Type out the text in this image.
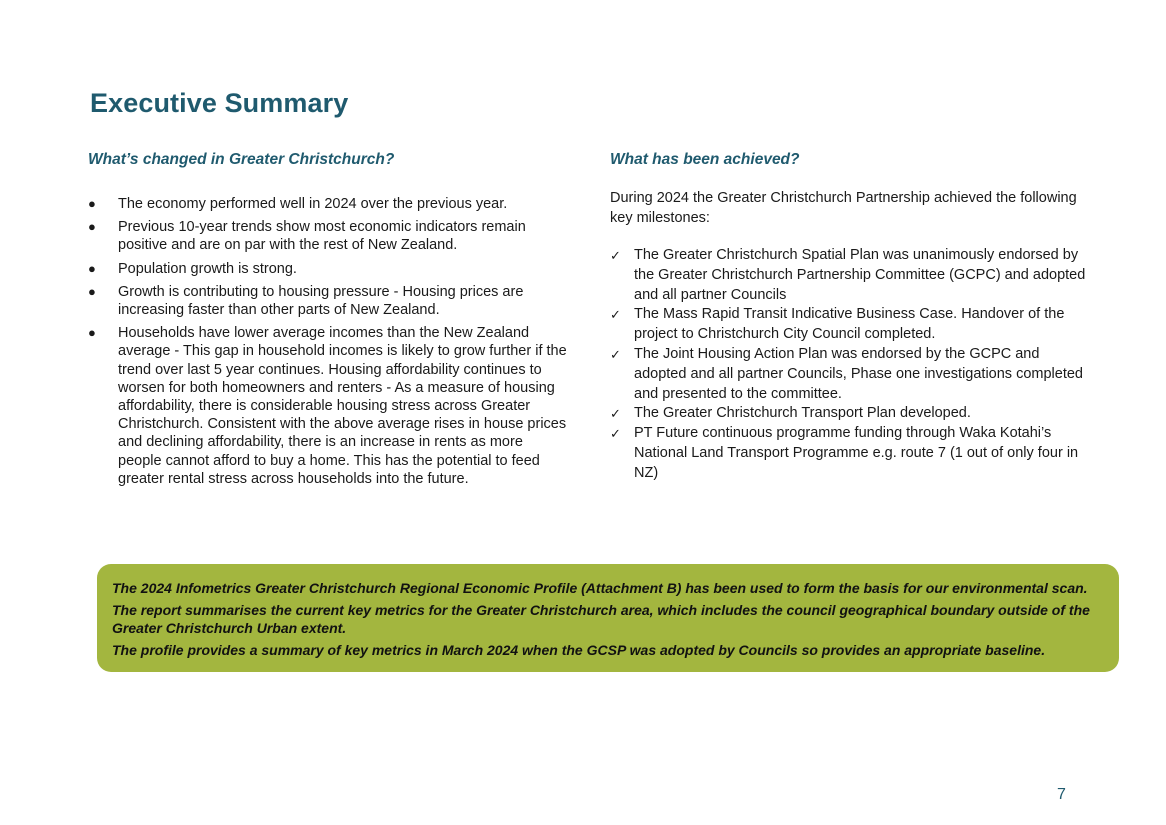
Executive Summary
What’s changed in Greater Christchurch?
●	The economy performed well in 2024 over the previous year.
●	Previous 10-year trends show most economic indicators remain positive and are on par with the rest of New Zealand.
●	Population growth is strong.
●	Growth is contributing to housing pressure - Housing prices are increasing faster than other parts of New Zealand.
●	Households have lower average incomes than the New Zealand average - This gap in household incomes is likely to grow further if the trend over last 5 year continues. Housing affordability continues to worsen for both homeowners and renters - As a measure of housing affordability, there is considerable housing stress across Greater Christchurch. Consistent with the above average rises in house prices and declining affordability, there is an increase in rents as more people cannot afford to buy a home. This has the potential to feed greater rental stress across households into the future.
What has been achieved?

During 2024 the Greater Christchurch Partnership achieved the following key milestones:

✓ The Greater Christchurch Spatial Plan was unanimously endorsed by the Greater Christchurch Partnership Committee (GCPC) and adopted and all partner Councils
✓ The Mass Rapid Transit Indicative Business Case. Handover of the project to Christchurch City Council completed.
✓ The Joint Housing Action Plan was endorsed by the GCPC and adopted and all partner Councils, Phase one investigations completed and presented to the committee.
✓ The Greater Christchurch Transport Plan developed.
✓ PT Future continuous programme funding through Waka Kotahi’s National Land Transport Programme e.g. route 7 (1 out of only four in NZ)

The 2024 Infometrics Greater Christchurch Regional Economic Profile (Attachment B) has been used to form the basis for our environmental scan.

The report summarises the current key metrics for the Greater Christchurch area, which includes the council geographical boundary outside of the Greater Christchurch Urban extent.

The profile provides a summary of key metrics in March 2024 when the GCSP was adopted by Councils so provides an appropriate baseline.

7
